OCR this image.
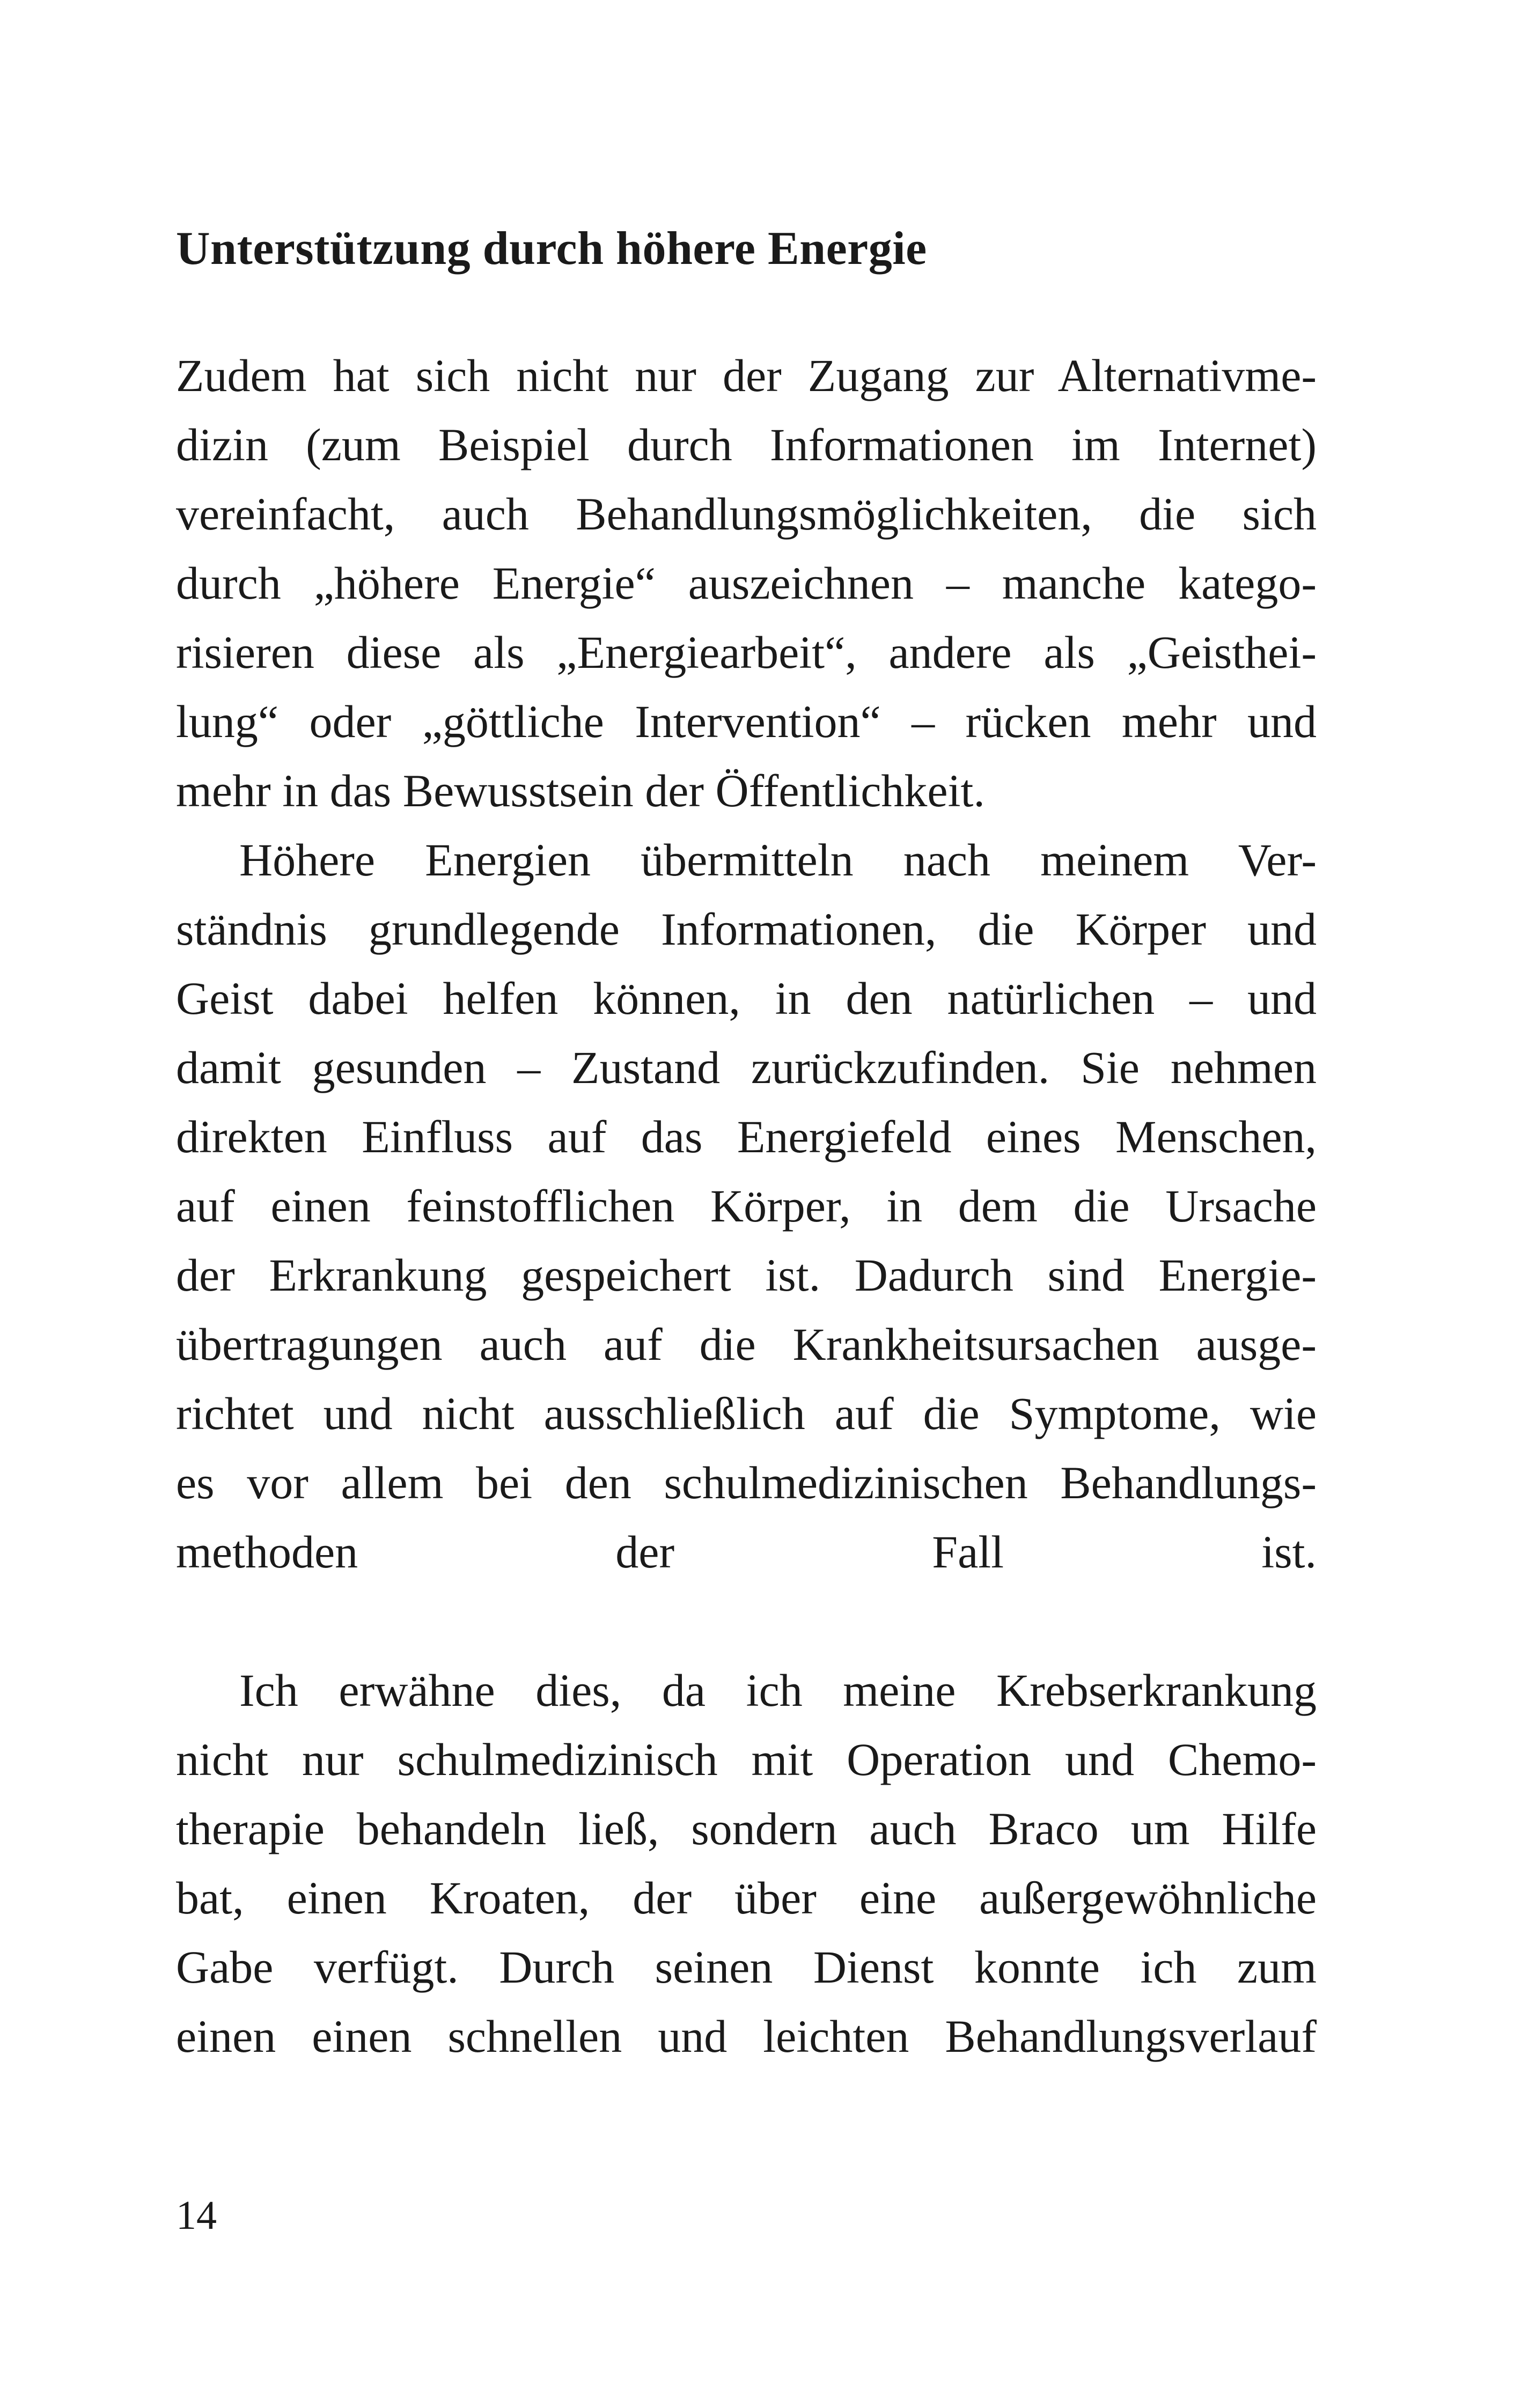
Unterstützung durch höhere Energie
Zudem hat sich nicht nur der Zugang zur Alternativme-
dizin (zum Beispiel durch Informationen im Internet)
vereinfacht, auch Behandlungsmöglichkeiten, die sich
durch „höhere Energie“ auszeichnen – manche katego-
risieren diese als „Energiearbeit“, andere als „Geisthei-
lung“ oder „göttliche Intervention“ – rücken mehr und
mehr in das Bewusstsein der Öffentlichkeit.
Höhere Energien übermitteln nach meinem Ver-
ständnis grundlegende Informationen, die Körper und
Geist dabei helfen können, in den natürlichen – und
damit gesunden – Zustand zurückzufinden. Sie nehmen
direkten Einfluss auf das Energiefeld eines Menschen,
auf einen feinstofflichen Körper, in dem die Ursache
der Erkrankung gespeichert ist. Dadurch sind Energie-
übertragungen auch auf die Krankheitsursachen ausge-
richtet und nicht ausschließlich auf die Symptome, wie
es vor allem bei den schulmedizinischen Behandlungs-
methoden der Fall ist.
Ich erwähne dies, da ich meine Krebserkrankung
nicht nur schulmedizinisch mit Operation und Chemo-
therapie behandeln ließ, sondern auch Braco um Hilfe
bat, einen Kroaten, der über eine außergewöhnliche
Gabe verfügt. Durch seinen Dienst konnte ich zum
einen einen schnellen und leichten Behandlungsverlauf

14
